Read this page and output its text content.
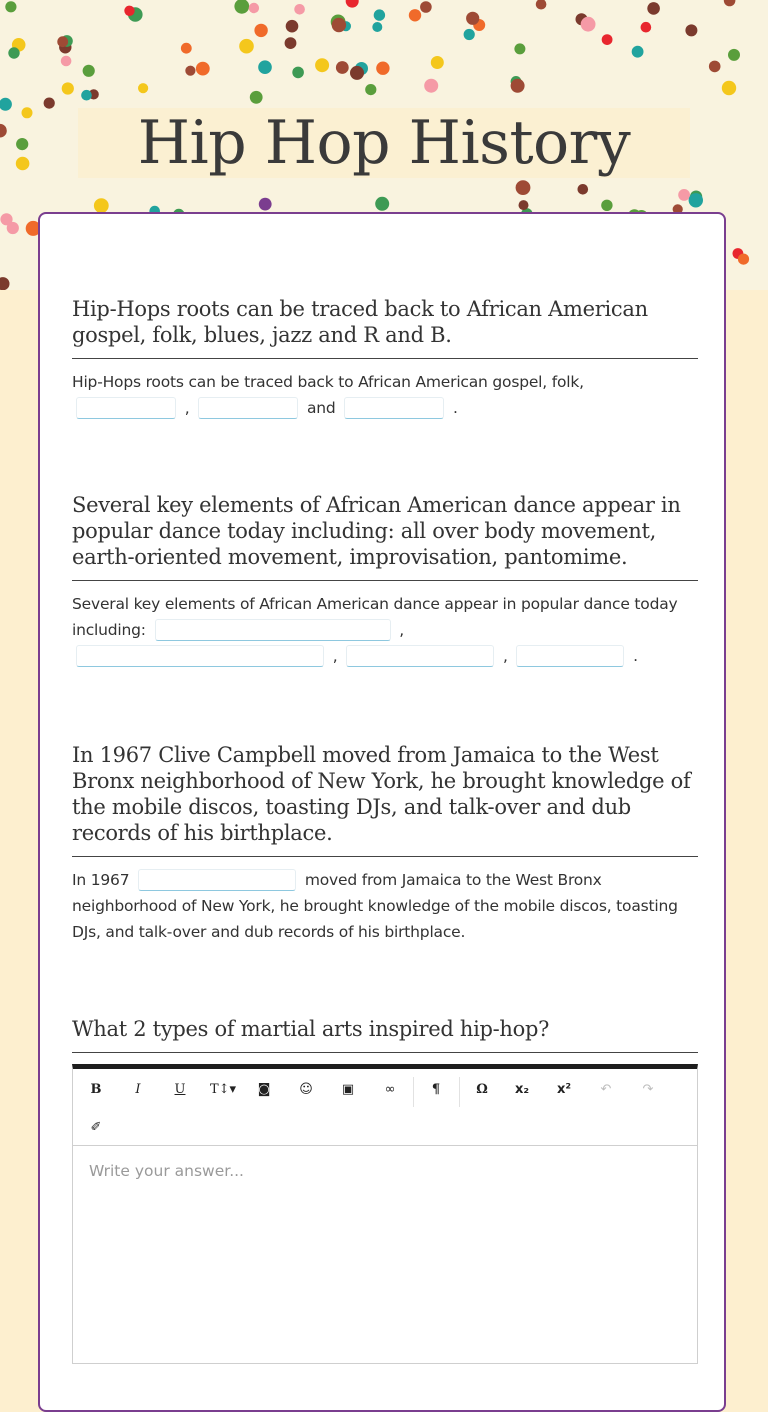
Hip Hop History
Hip-Hops roots can be traced back to African American gospel, folk, blues, jazz and R and B.
Hip-Hops roots can be traced back to African American gospel, folk,
,	and	.
Several key elements of African American dance appear in popular dance today including: all over body movement, earth-oriented movement, improvisation, pantomime.
Several key elements of African American dance appear in popular dance today including:	,
,	,	.
In 1967 Clive Campbell moved from Jamaica to the West Bronx neighborhood of New York, he brought knowledge of the mobile discos, toasting DJs, and talk-over and dub records of his birthplace.
In 1967	moved from Jamaica to the West Bronx neighborhood of New York, he brought knowledge of the mobile discos, toasting DJs, and talk-over and dub records of his birthplace.
What 2 types of martial arts inspired hip-hop?
B	I	U	T↕▾	◙	☺	▣	∞	¶	Ω	x₂	x²	↶	↷
✐
Write your answer...
